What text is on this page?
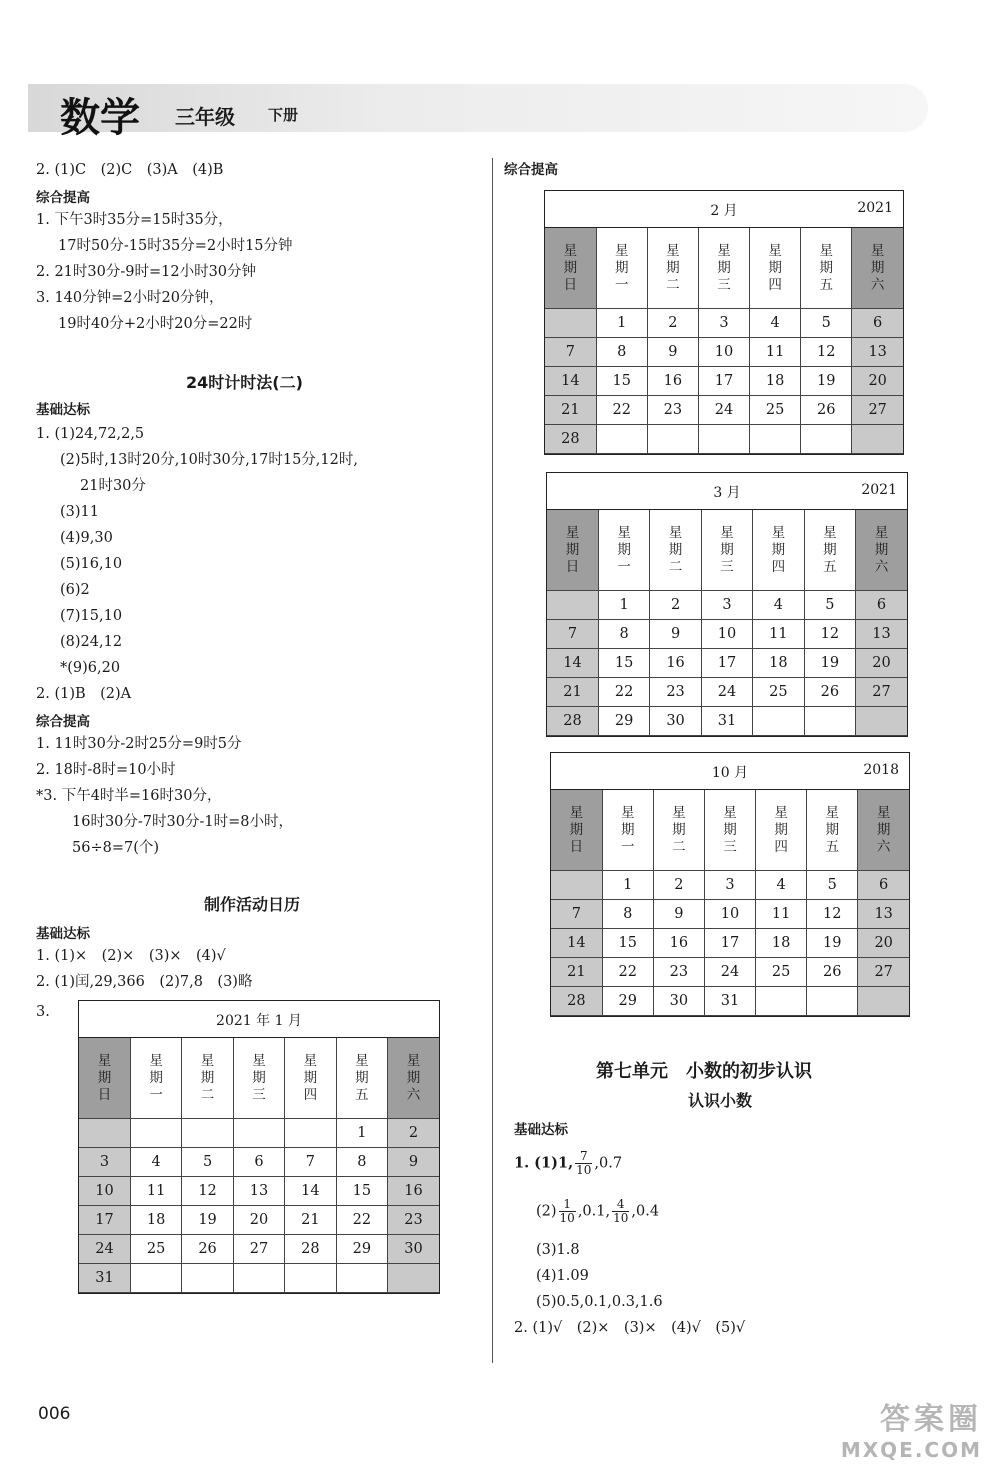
数学 三年级 下册
2. (1)C　(2)C　(3)A　(4)B
综合提高
1. 下午3时35分=15时35分，
17时50分-15时35分=2小时15分钟
2. 21时30分-9时=12小时30分钟
3. 140分钟=2小时20分钟，
19时40分+2小时20分=22时
基础达标
1. (1)24,72,2,5
(2)5时,13时20分,10时30分,17时15分,12时,
21时30分
(3)11
(4)9,30
(5)16,10
(6)2
(7)15,10
(8)24,12
*(9)6,20
2. (1)B　(2)A
综合提高
1. 11时30分-2时25分=9时5分
2. 18时-8时=10小时
*3. 下午4时半=16时30分，
16时30分-7时30分-1时=8小时，
56÷8=7(个)
基础达标
1. (1)×　(2)×　(3)×　(4)√
2. (1)闰,29,366　(2)7,8　(3)略
3.
综合提高
基础达标
(3)1.8
(4)1.09
(5)0.5,0.1,0.3,1.6
2. (1)√　(2)×　(3)×　(4)√　(5)√
24时计时法(二)
制作活动日历
认识小数
第七单元　小数的初步认识
1. (1)1, $\frac{7}{10} ,0.7$
$(2) \frac{1}{10} ,0.1$, $\frac{4}{10} ,0.4$
2 月	2021
星期日	星期一	星期二	星期三	星期四	星期五	星期六
	1	2	3	4	5	6
7	8	9	10	11	12	13
14	15	16	17	18	19	20
21	22	23	24	25	26	27
28						
3 月	2021
星期日	星期一	星期二	星期三	星期四	星期五	星期六
	1	2	3	4	5	6
7	8	9	10	11	12	13
14	15	16	17	18	19	20
21	22	23	24	25	26	27
28	29	30	31			
10 月	2018
星期日	星期一	星期二	星期三	星期四	星期五	星期六
	1	2	3	4	5	6
7	8	9	10	11	12	13
14	15	16	17	18	19	20
21	22	23	24	25	26	27
28	29	30	31			
2021 年 1 月
星期日	星期一	星期二	星期三	星期四	星期五	星期六
					1	2
3	4	5	6	7	8	9
10	11	12	13	14	15	16
17	18	19	20	21	22	23
24	25	26	27	28	29	30
31						
006	答案圈
MXQE.COM
